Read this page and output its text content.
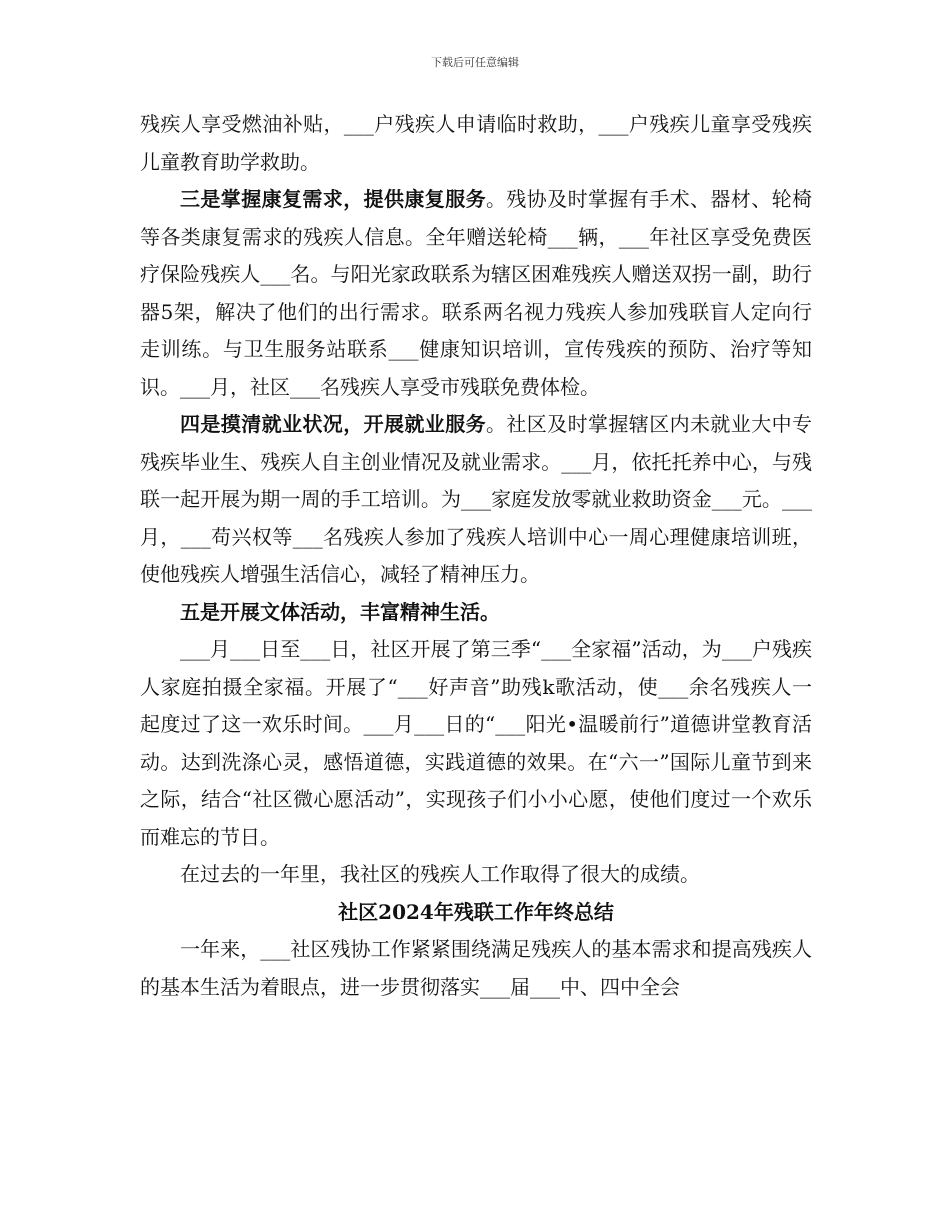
下载后可任意编辑

残疾人享受燃油补贴，___户残疾人申请临时救助，___户残疾儿童享受残疾儿童教育助学救助。

三是掌握康复需求，提供康复服务。残协及时掌握有手术、器材、轮椅等各类康复需求的残疾人信息。全年赠送轮椅___辆，___年社区享受免费医疗保险残疾人___名。与阳光家政联系为辖区困难残疾人赠送双拐一副，助行器5架，解决了他们的出行需求。联系两名视力残疾人参加残联盲人定向行走训练。与卫生服务站联系___健康知识培训，宣传残疾的预防、治疗等知识。___月，社区___名残疾人享受市残联免费体检。

四是摸清就业状况，开展就业服务。社区及时掌握辖区内未就业大中专残疾毕业生、残疾人自主创业情况及就业需求。___月，依托托养中心，与残联一起开展为期一周的手工培训。为___家庭发放零就业救助资金___元。___月，___苟兴权等___名残疾人参加了残疾人培训中心一周心理健康培训班，使他残疾人增强生活信心，减轻了精神压力。

五是开展文体活动，丰富精神生活。

___月___日至___日，社区开展了第三季“___全家福”活动，为___户残疾人家庭拍摄全家福。开展了“___好声音”助残k歌活动，使___余名残疾人一起度过了这一欢乐时间。___月___日的“___阳光•温暖前行”道德讲堂教育活动。达到洗涤心灵，感悟道德，实践道德的效果。在“六一”国际儿童节到来之际，结合“社区微心愿活动”，实现孩子们小小心愿，使他们度过一个欢乐而难忘的节日。

在过去的一年里，我社区的残疾人工作取得了很大的成绩。

社区2024年残联工作年终总结

一年来，___社区残协工作紧紧围绕满足残疾人的基本需求和提高残疾人的基本生活为着眼点，进一步贯彻落实___届___中、四中全会
